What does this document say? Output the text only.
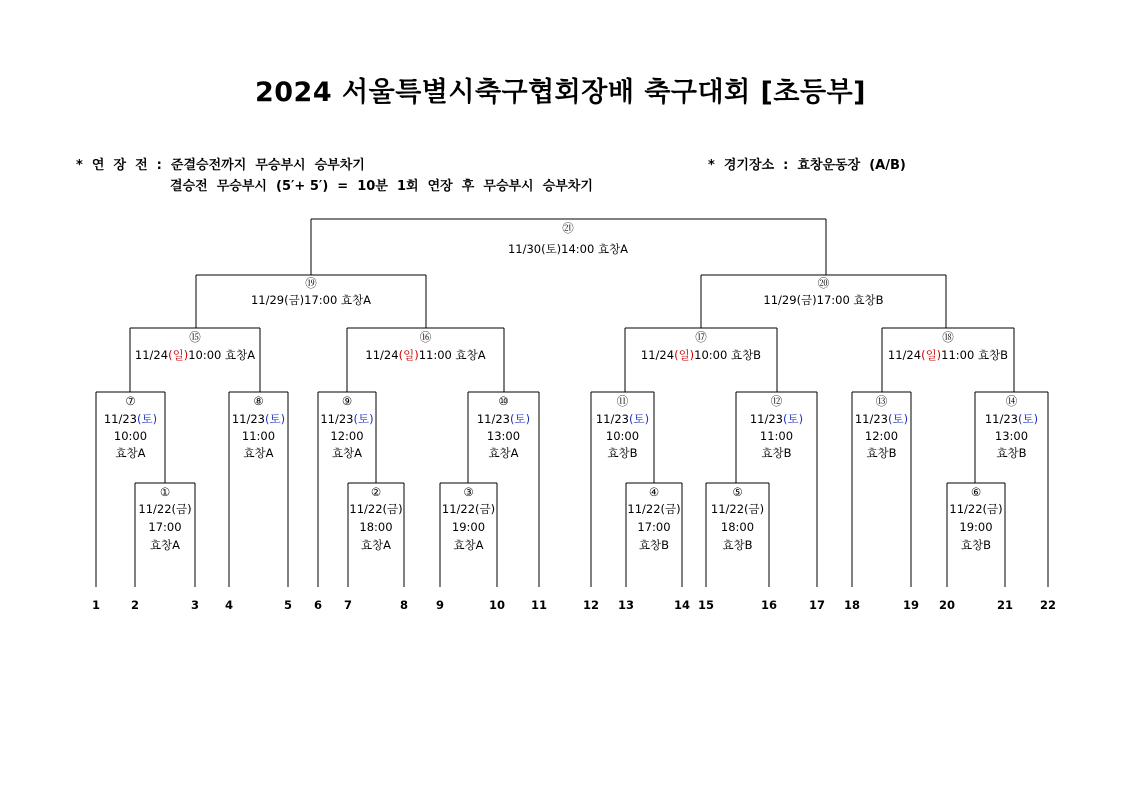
2024 서울특별시축구협회장배 축구대회 [초등부]
*  연  장  전  :  준결승전까지  무승부시  승부차기
결승전  무승부시  (5′+ 5′)  =  10분  1회  연장  후  무승부시  승부차기
*  경기장소  :  효창운동장  (A/B)
①
11/22(금)
17:00
효창A
②
11/22(금)
18:00
효창A
③
11/22(금)
19:00
효창A
④
11/22(금)
17:00
효창B
⑤
11/22(금)
18:00
효창B
⑥
11/22(금)
19:00
효창B
⑦
11/23(토)
10:00
효창A
⑧
11/23(토)
11:00
효창A
⑨
11/23(토)
12:00
효창A
⑩
11/23(토)
13:00
효창A
⑪
11/23(토)
10:00
효창B
⑫
11/23(토)
11:00
효창B
⑬
11/23(토)
12:00
효창B
⑭
11/23(토)
13:00
효창B
⑮
11/24(일)10:00 효창A
⑯
11/24(일)11:00 효창A
⑰
11/24(일)10:00 효창B
⑱
11/24(일)11:00 효창B
⑲
11/29(금)17:00 효창A
⑳
11/29(금)17:00 효창B
㉑
11/30(토)14:00 효창A
1	2	3 4	5 6 7	8 9	10 11	12 13	14 15	16	17 18	19 20	21 22
